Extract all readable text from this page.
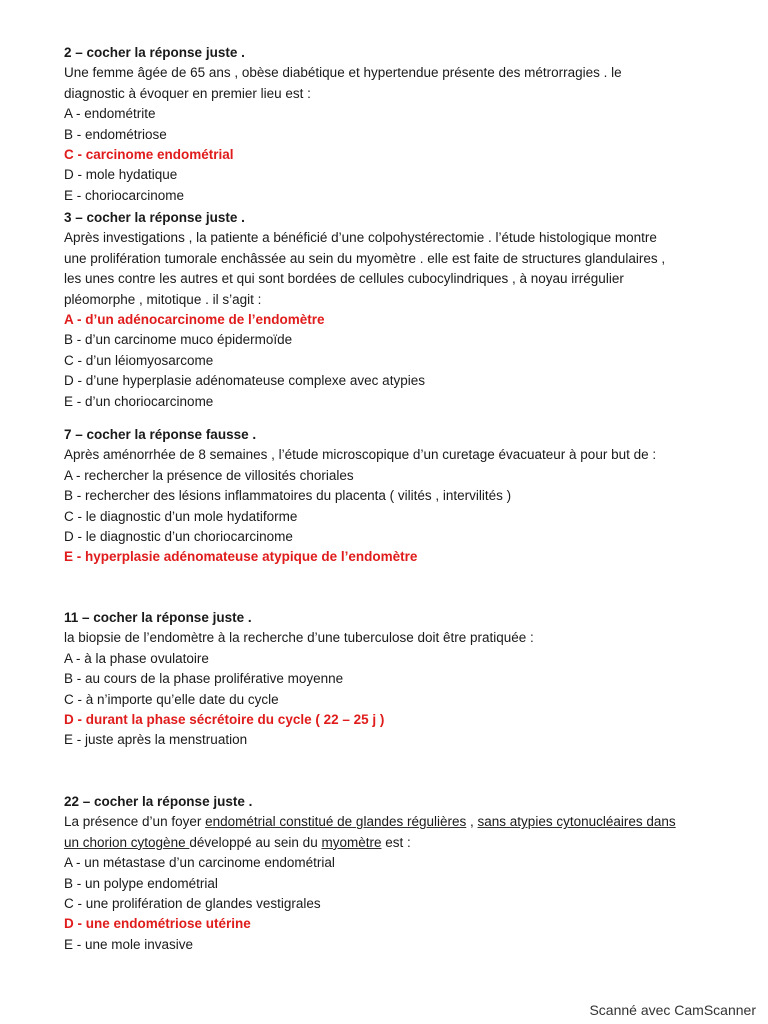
2 – cocher la réponse juste .
Une femme âgée de 65 ans , obèse diabétique et hypertendue présente des métrorragies . le
diagnostic à évoquer en premier lieu est :
A - endométrite
B - endométriose
C - carcinome endométrial
D - mole hydatique
E - choriocarcinome
3 – cocher la réponse juste .
Après investigations , la patiente a bénéficié d’une colpohystérectomie . l’étude histologique montre
une prolifération tumorale enchâssée au sein du myomètre . elle est faite de structures glandulaires ,
les unes contre les autres et qui sont bordées de cellules cubocylindriques , à noyau irrégulier
pléomorphe , mitotique . il s’agit :
A - d’un adénocarcinome de l’endomètre
B - d’un carcinome muco épidermoïde
C - d’un léiomyosarcome
D - d’une hyperplasie adénomateuse complexe avec atypies
E - d’un choriocarcinome
7 – cocher la réponse fausse .
Après aménorrhée de 8 semaines , l’étude microscopique d’un curetage évacuateur à pour but de :
A - rechercher la présence de villosités choriales
B - rechercher des lésions inflammatoires du placenta ( vilités , intervilités )
C - le diagnostic d’un mole hydatiforme
D - le diagnostic d’un choriocarcinome
E - hyperplasie adénomateuse atypique de l’endomètre
11 – cocher la réponse juste .
la biopsie de l’endomètre à la recherche d’une tuberculose doit être pratiquée :
A - à la phase ovulatoire
B - au cours de la phase proliférative moyenne
C - à n’importe qu’elle date du cycle
D - durant la phase sécrétoire du cycle ( 22 – 25 j )
E - juste après la menstruation
22 – cocher la réponse juste .
La présence d’un foyer endométrial constitué de glandes régulières , sans atypies cytonucléaires dans
un chorion cytogène développé au sein du myomètre est :
A - un métastase d’un carcinome endométrial
B - un polype endométrial
C - une prolifération de glandes vestigrales
D - une endométriose utérine
E - une mole invasive
Scanné avec CamScanner
